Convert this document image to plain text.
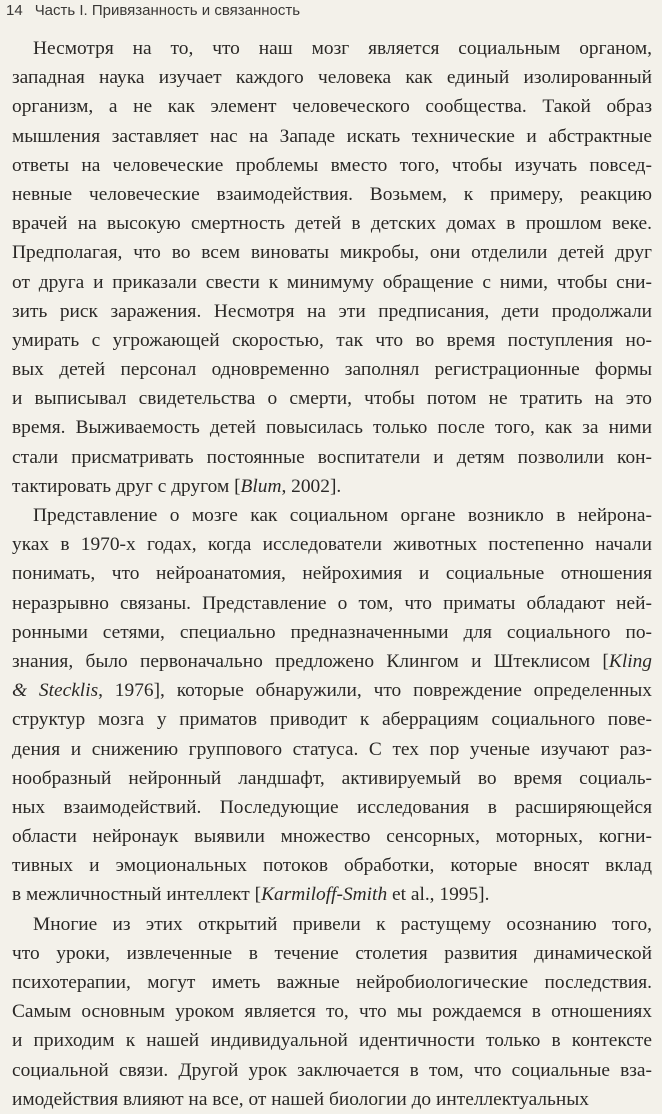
14 Часть I. Привязанность и связанность
Несмотря на то, что наш мозг является социальным органом,
западная наука изучает каждого человека как единый изолированный
организм, а не как элемент человеческого сообщества. Такой образ
мышления заставляет нас на Западе искать технические и абстрактные
ответы на человеческие проблемы вместо того, чтобы изучать повсед-
невные человеческие взаимодействия. Возьмем, к примеру, реакцию
врачей на высокую смертность детей в детских домах в прошлом веке.
Предполагая, что во всем виноваты микробы, они отделили детей друг
от друга и приказали свести к минимуму обращение с ними, чтобы сни-
зить риск заражения. Несмотря на эти предписания, дети продолжали
умирать с угрожающей скоростью, так что во время поступления но-
вых детей персонал одновременно заполнял регистрационные формы
и выписывал свидетельства о смерти, чтобы потом не тратить на это
время. Выживаемость детей повысилась только после того, как за ними
стали присматривать постоянные воспитатели и детям позволили кон-
тактировать друг с другом [Blum, 2002].
Представление о мозге как социальном органе возникло в нейрона-
уках в 1970-х годах, когда исследователи животных постепенно начали
понимать, что нейроанатомия, нейрохимия и социальные отношения
неразрывно связаны. Представление о том, что приматы обладают ней-
ронными сетями, специально предназначенными для социального по-
знания, было первоначально предложено Клингом и Штеклисом [Kling
& Stecklis, 1976], которые обнаружили, что повреждение определенных
структур мозга у приматов приводит к аберрациям социального пове-
дения и снижению группового статуса. С тех пор ученые изучают раз-
нообразный нейронный ландшафт, активируемый во время социаль-
ных взаимодействий. Последующие исследования в расширяющейся
области нейронаук выявили множество сенсорных, моторных, когни-
тивных и эмоциональных потоков обработки, которые вносят вклад
в межличностный интеллект [Karmiloff-Smith et al., 1995].
Многие из этих открытий привели к растущему осознанию того,
что уроки, извлеченные в течение столетия развития динамической
психотерапии, могут иметь важные нейробиологические последствия.
Самым основным уроком является то, что мы рождаемся в отношениях
и приходим к нашей индивидуальной идентичности только в контексте
социальной связи. Другой урок заключается в том, что социальные вза-
имодействия влияют на все, от нашей биологии до интеллектуальных
